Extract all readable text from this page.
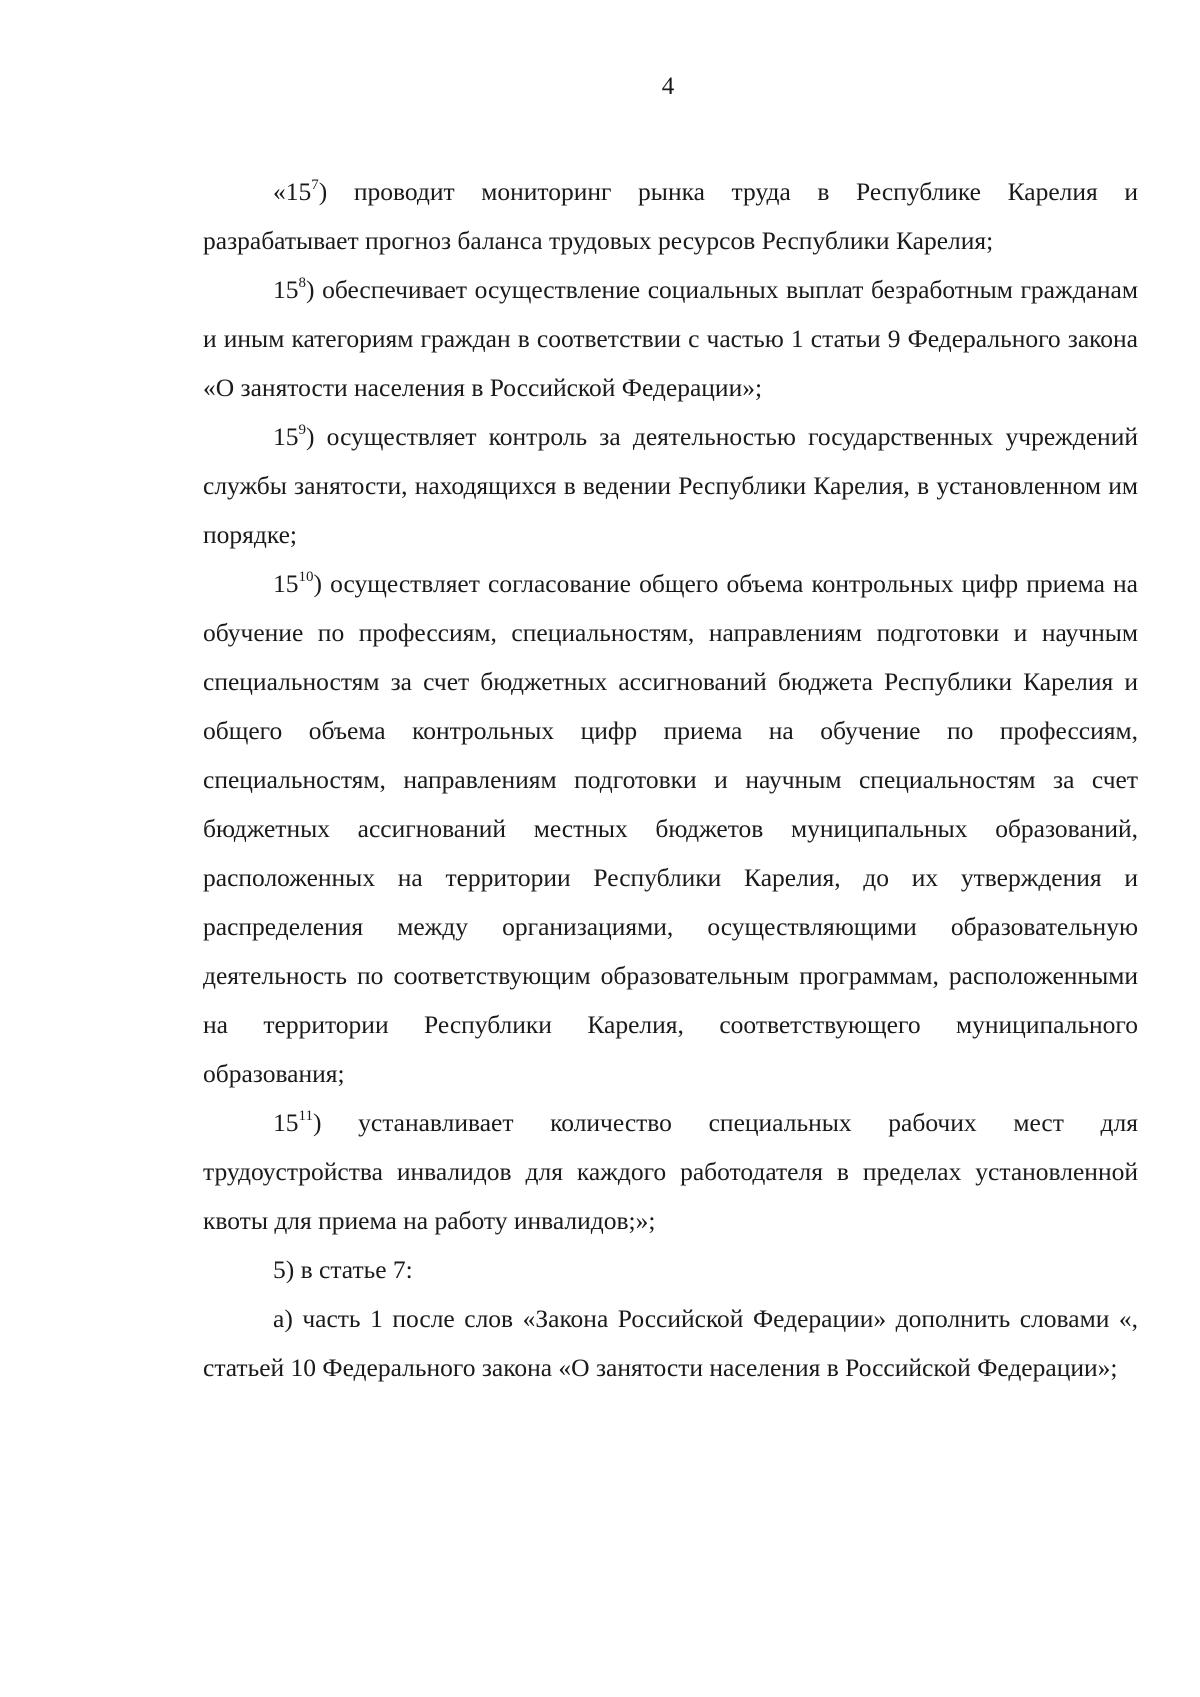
4

«$15^7$) проводит мониторинг рынка труда в Республике Карелия и разрабатывает прогноз баланса трудовых ресурсов Республики Карелия;

$15^8$) обеспечивает осуществление социальных выплат безработным гражданам и иным категориям граждан в соответствии с частью 1 статьи 9 Федерального закона «О занятости населения в Российской Федерации»;

$15^9$) осуществляет контроль за деятельностью государственных учреждений службы занятости, находящихся в ведении Республики Карелия, в установленном им порядке;

$15^{10}$) осуществляет согласование общего объема контрольных цифр приема на обучение по профессиям, специальностям, направлениям подготовки и научным специальностям за счет бюджетных ассигнований бюджета Республики Карелия и общего объема контрольных цифр приема на обучение по профессиям, специальностям, направлениям подготовки и научным специальностям за счет бюджетных ассигнований местных бюджетов муниципальных образований, расположенных на территории Республики Карелия, до их утверждения и распределения между организациями, осуществляющими образовательную деятельность по соответствующим образовательным программам, расположенными на территории Республики Карелия, соответствующего муниципального образования;

$15^{11}$) устанавливает количество специальных рабочих мест для трудоустройства инвалидов для каждого работодателя в пределах установленной квоты для приема на работу инвалидов;»;

5) в статье 7:

а) часть 1 после слов «Закона Российской Федерации» дополнить словами «, статьей 10 Федерального закона «О занятости населения в Российской Федерации»;
